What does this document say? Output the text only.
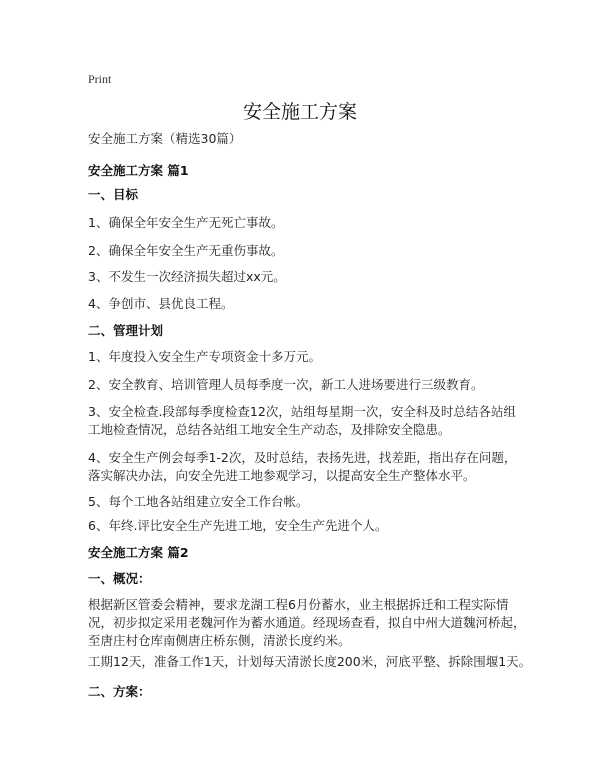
Print
安全施工方案
安全施工方案（精选30篇）
安全施工方案 篇1
一、目标
1、确保全年安全生产无死亡事故。
2、确保全年安全生产无重伤事故。
3、不发生一次经济损失超过xx元。
4、争创市、县优良工程。
二、管理计划
1、年度投入安全生产专项资金十多万元。
2、安全教育、培训管理人员每季度一次，新工人进场要进行三级教育。
3、安全检查.段部每季度检查12次，站组每星期一次，安全科及时总结各站组工地检查情况，总结各站组工地安全生产动态，及排除安全隐患。
4、安全生产例会每季1-2次，及时总结，表扬先进，找差距，指出存在问题，落实解决办法，向安全先进工地参观学习，以提高安全生产整体水平。
5、每个工地各站组建立安全工作台帐。
6、年终.评比安全生产先进工地，安全生产先进个人。
安全施工方案 篇2
一、概况：
根据新区管委会精神，要求龙湖工程6月份蓄水，业主根据拆迁和工程实际情况，初步拟定采用老魏河作为蓄水通道。经现场查看，拟自中州大道魏河桥起，至唐庄村仓库南侧唐庄桥东侧，清淤长度约米。
工期12天，准备工作1天，计划每天清淤长度200米，河底平整、拆除围堰1天。
二、方案：
